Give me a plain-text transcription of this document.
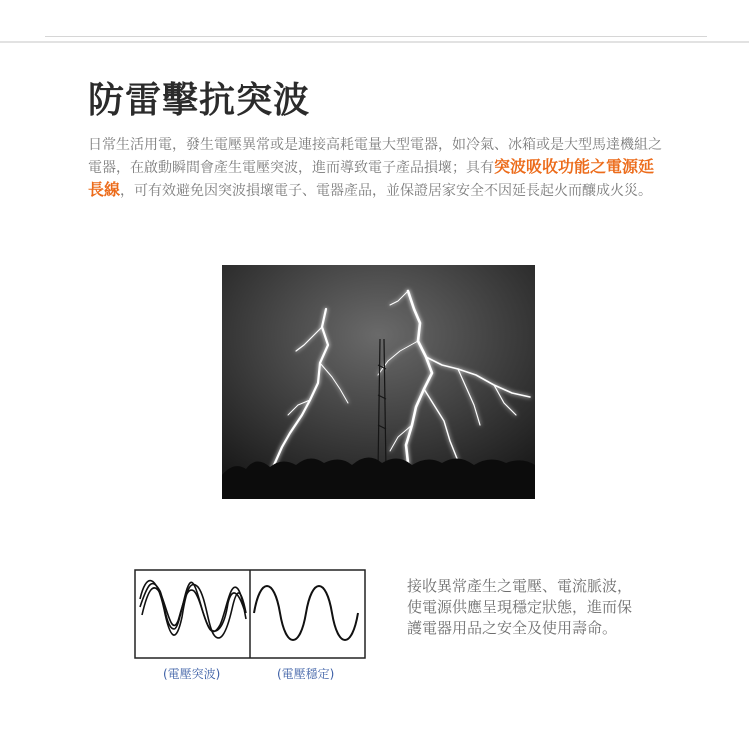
防雷擊抗突波
日常生活用電，發生電壓異常或是連接高耗電量大型電器，如冷氣、冰箱或是大型馬達機組之電器，在啟動瞬間會產生電壓突波，進而導致電子產品損壞；具有突波吸收功能之電源延長線，可有效避免因突波損壞電子、電器產品，並保證居家安全不因延長起火而釀成火災。
(電壓突波)	(電壓穩定)
接收異常產生之電壓、電流脈波，使電源供應呈現穩定狀態，進而保護電器用品之安全及使用壽命。
